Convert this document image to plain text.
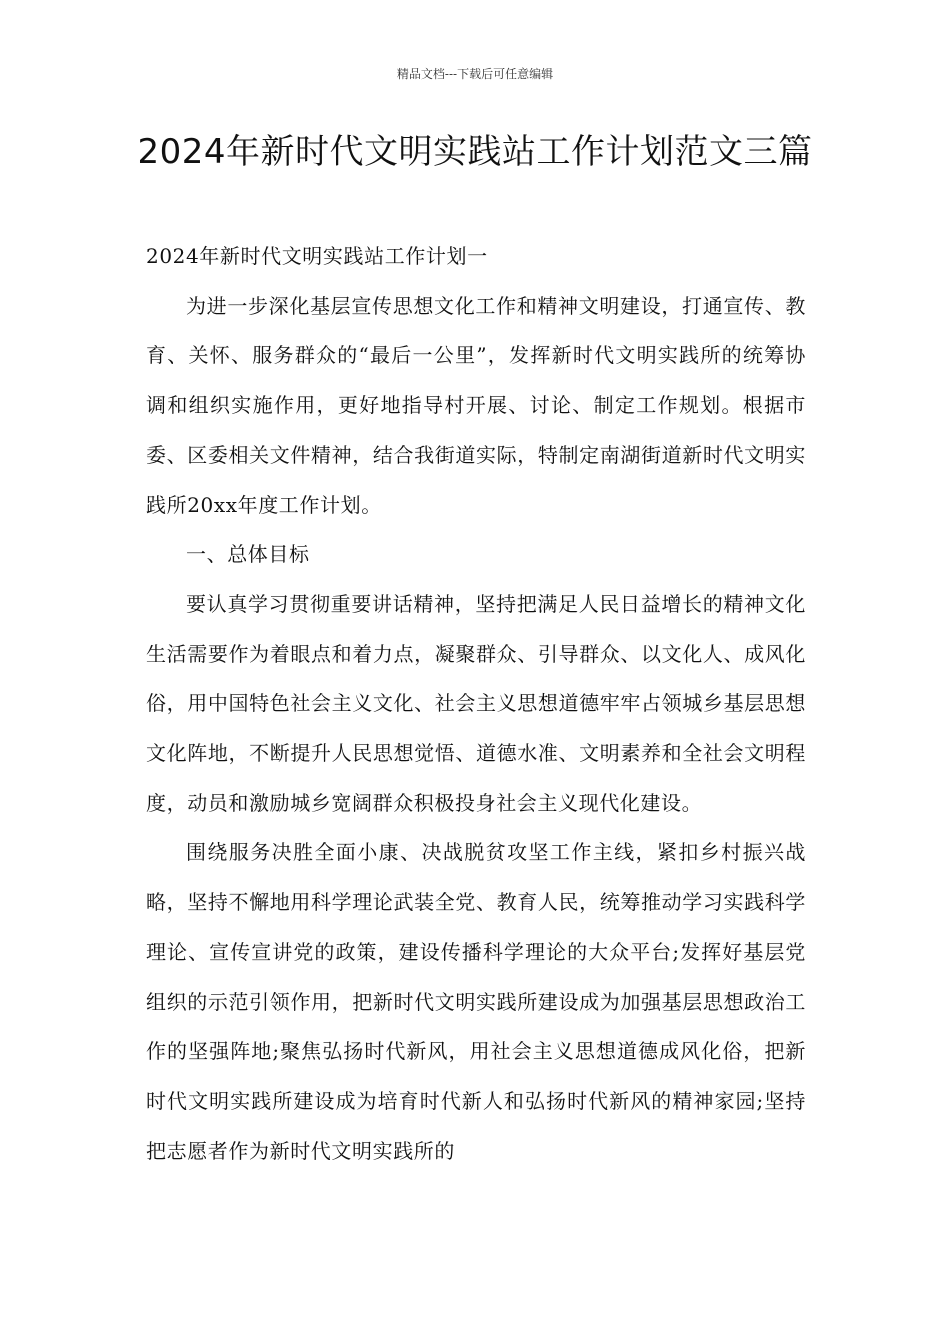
精品文档---下载后可任意编辑
2024年新时代文明实践站工作计划范文三篇

2024年新时代文明实践站工作计划一

为进一步深化基层宣传思想文化工作和精神文明建设，打通宣传、教育、关怀、服务群众的“最后一公里”，发挥新时代文明实践所的统筹协调和组织实施作用，更好地指导村开展、讨论、制定工作规划。根据市委、区委相关文件精神，结合我街道实际，特制定南湖街道新时代文明实践所20xx年度工作计划。

一、总体目标

要认真学习贯彻重要讲话精神，坚持把满足人民日益增长的精神文化生活需要作为着眼点和着力点，凝聚群众、引导群众、以文化人、成风化俗，用中国特色社会主义文化、社会主义思想道德牢牢占领城乡基层思想文化阵地，不断提升人民思想觉悟、道德水准、文明素养和全社会文明程度，动员和激励城乡宽阔群众积极投身社会主义现代化建设。

围绕服务决胜全面小康、决战脱贫攻坚工作主线，紧扣乡村振兴战略，坚持不懈地用科学理论武装全党、教育人民，统筹推动学习实践科学理论、宣传宣讲党的政策，建设传播科学理论的大众平台;发挥好基层党组织的示范引领作用，把新时代文明实践所建设成为加强基层思想政治工作的坚强阵地;聚焦弘扬时代新风，用社会主义思想道德成风化俗，把新时代文明实践所建设成为培育时代新人和弘扬时代新风的精神家园;坚持把志愿者作为新时代文明实践所的
